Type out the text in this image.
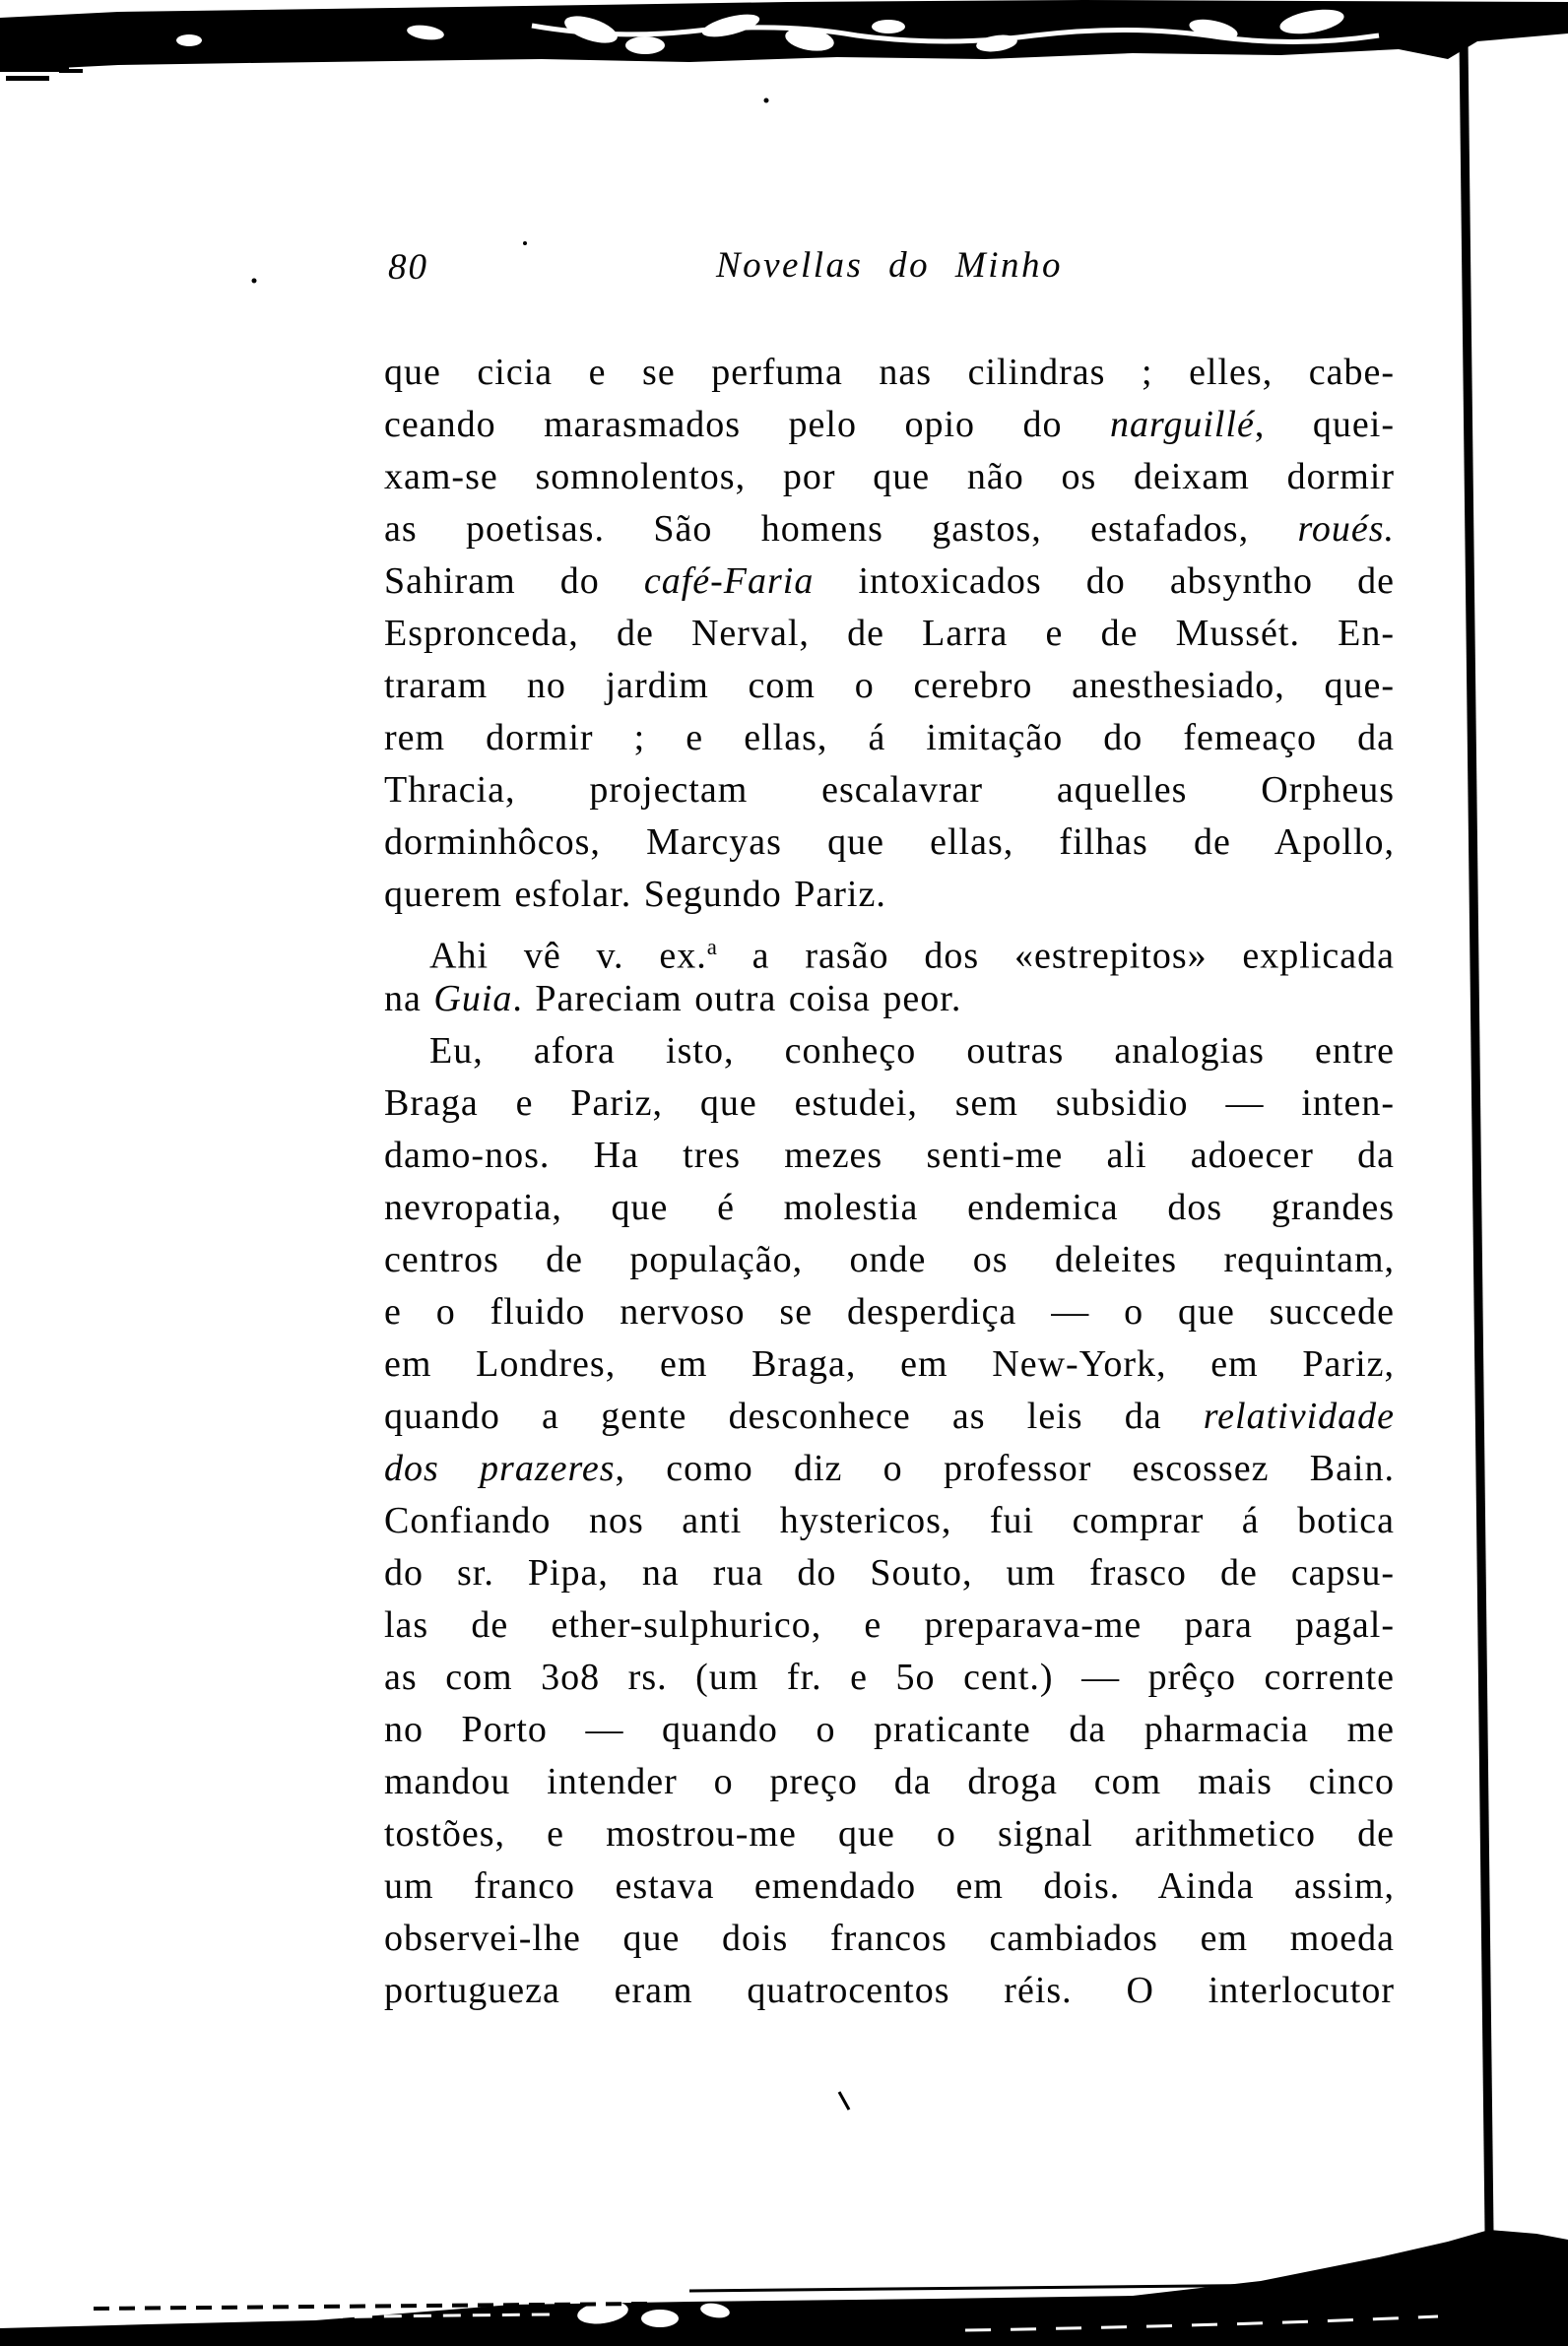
80	Novellas do Minho
que cicia e se perfuma nas cilindras ; elles, cabe-
ceando marasmados pelo opio do narguillé, quei-
xam-se somnolentos, por que não os deixam dormir
as poetisas. São homens gastos, estafados, roués.
Sahiram do café-Faria intoxicados do absyntho de
Espronceda, de Nerval, de Larra e de Mussét. En-
traram no jardim com o cerebro anesthesiado, que-
rem dormir ; e ellas, á imitação do femeaço da
Thracia, projectam escalavrar aquelles Orpheus
dorminhôcos, Marcyas que ellas, filhas de Apollo,
querem esfolar. Segundo Pariz.
Ahi vê v. ex.$^a$ a rasão dos «estrepitos» explicada
na Guia. Pareciam outra coisa peor.
Eu, afora isto, conheço outras analogias entre
Braga e Pariz, que estudei, sem subsidio — inten-
damo-nos. Ha tres mezes senti-me ali adoecer da
nevropatia, que é molestia endemica dos grandes
centros de população, onde os deleites requintam,
e o fluido nervoso se desperdiça — o que succede
em Londres, em Braga, em New-York, em Pariz,
quando a gente desconhece as leis da relatividade
dos prazeres, como diz o professor escossez Bain.
Confiando nos anti hystericos, fui comprar á botica
do sr. Pipa, na rua do Souto, um frasco de capsu-
las de ether-sulphurico, e preparava-me para pagal-
as com 3o8 rs. (um fr. e 5o cent.) — prêço corrente
no Porto — quando o praticante da pharmacia me
mandou intender o preço da droga com mais cinco
tostões, e mostrou-me que o signal arithmetico de
um franco estava emendado em dois. Ainda assim,
observei-lhe que dois francos cambiados em moeda
portugueza eram quatrocentos réis. O interlocutor
